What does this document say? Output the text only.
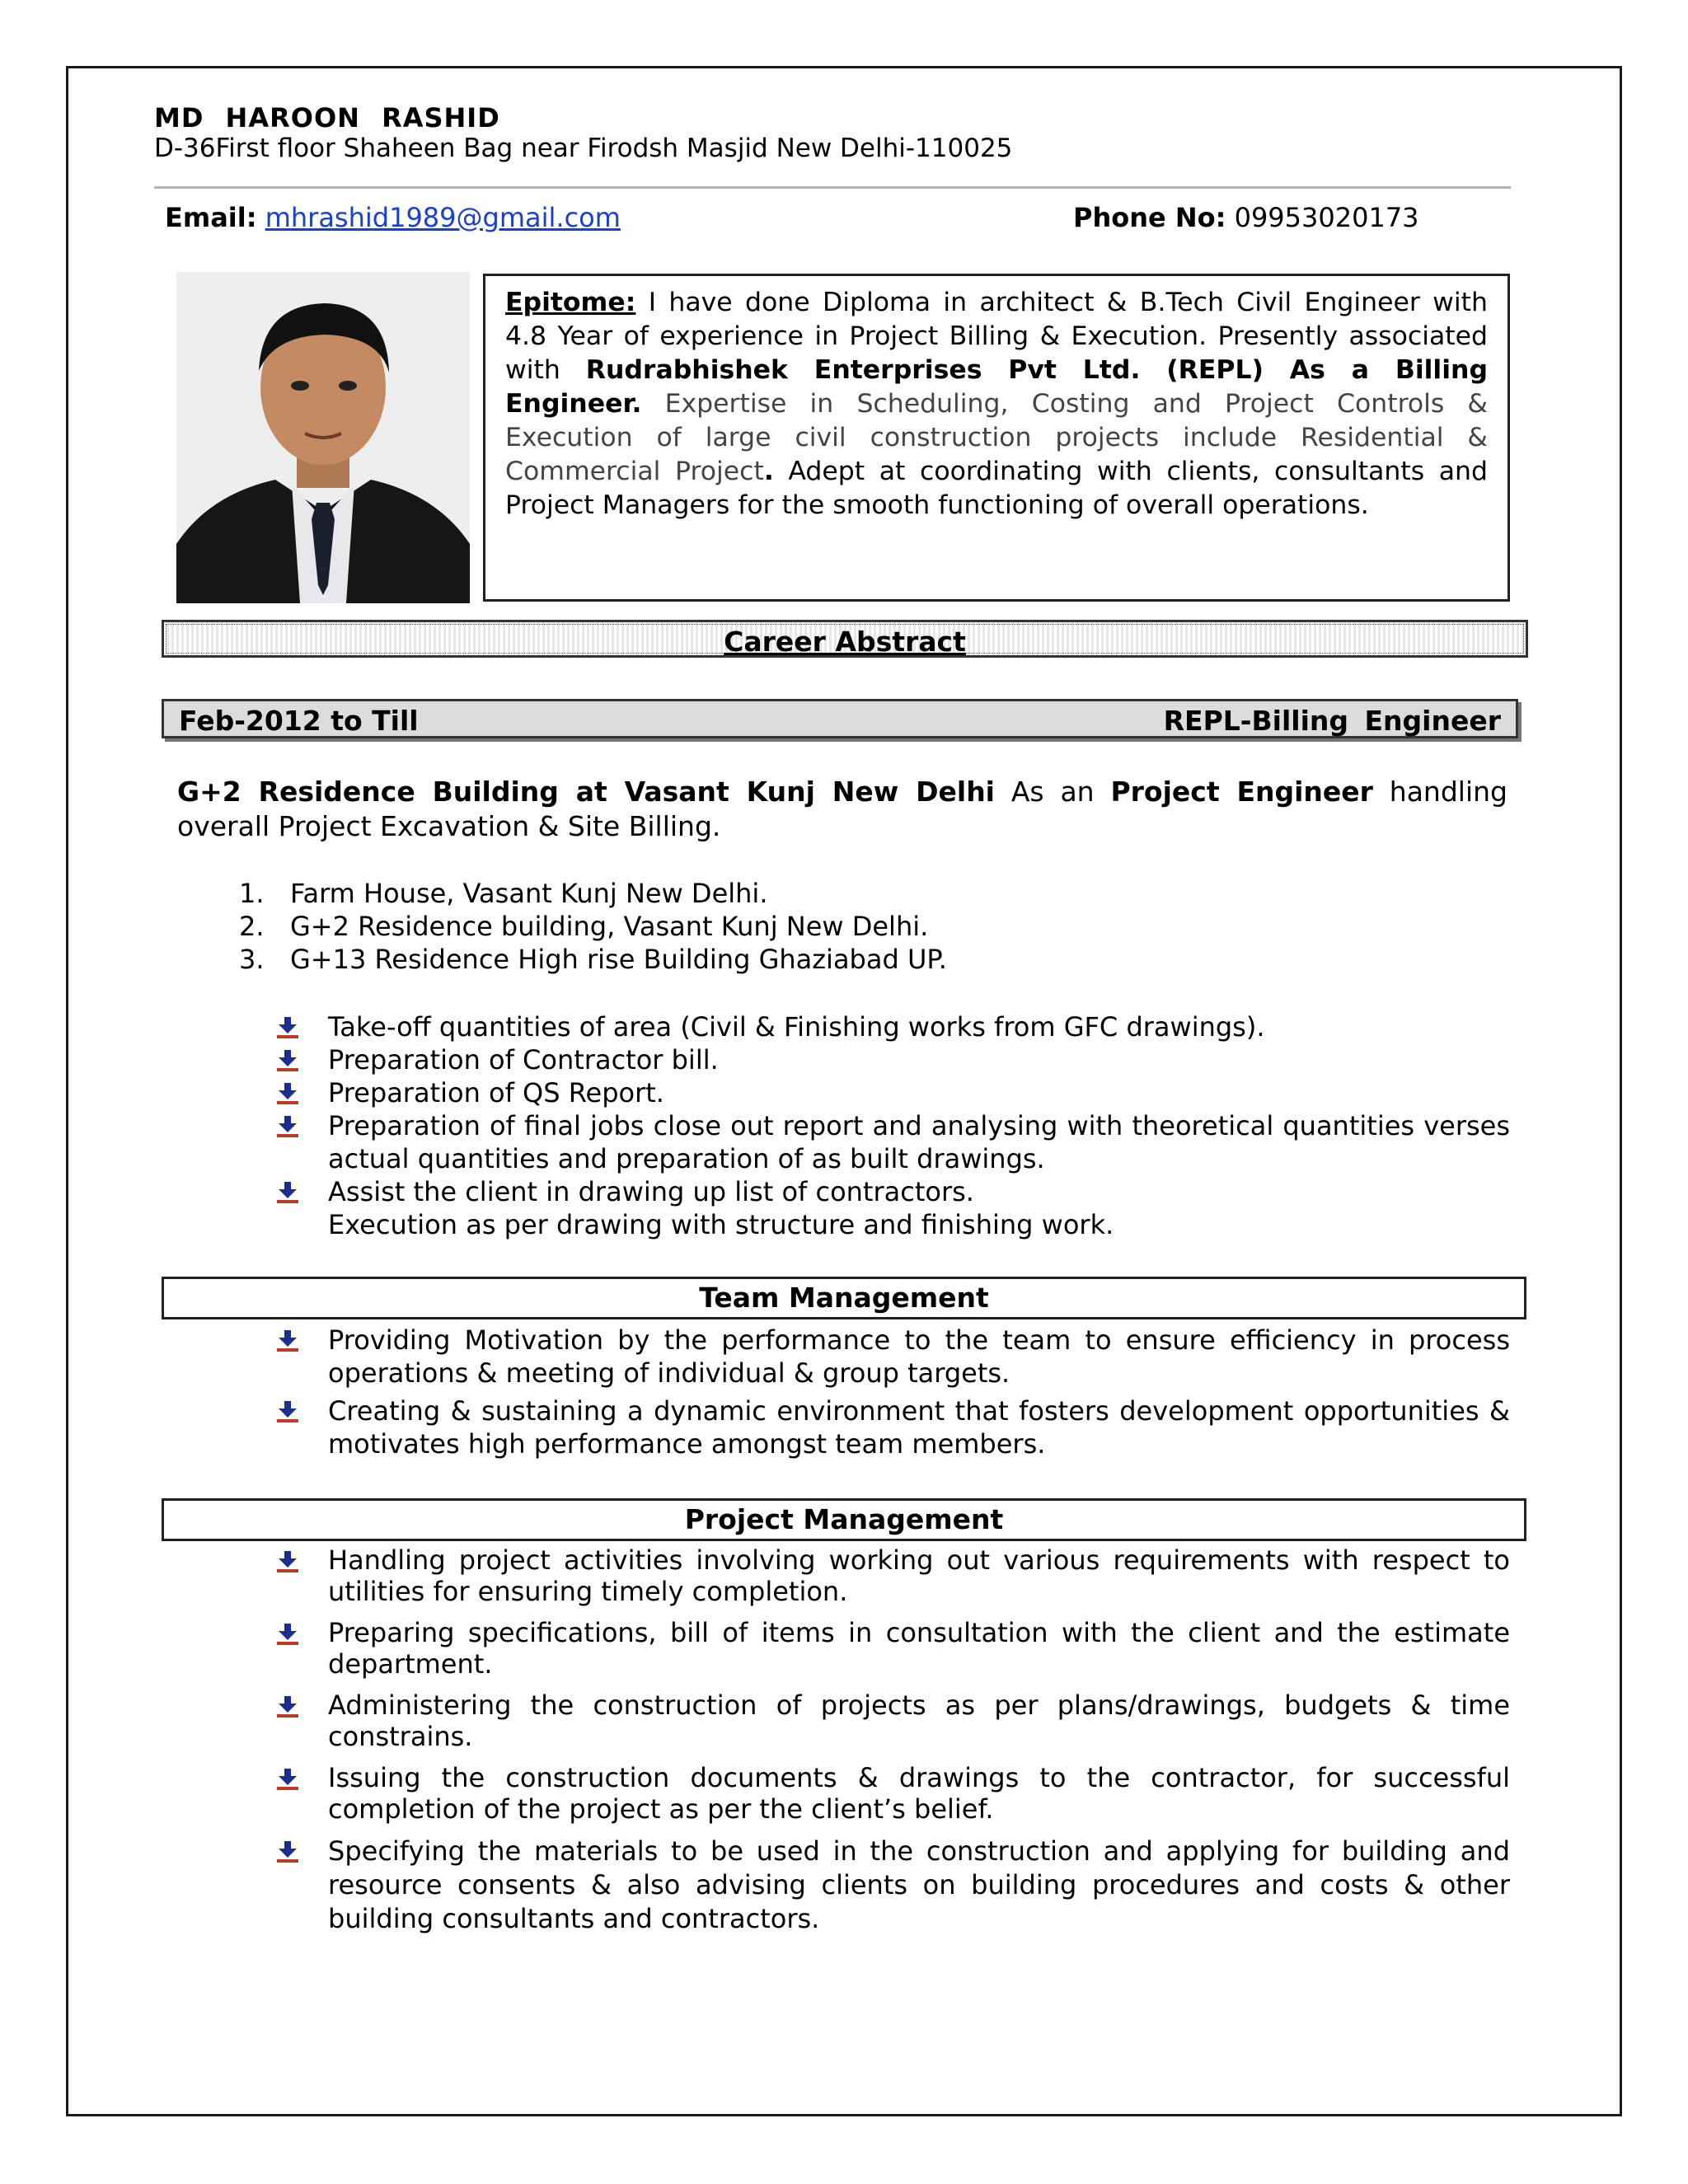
MD HAROON RASHID
D-36First floor Shaheen Bag near Firodsh Masjid New Delhi-110025
Email: mhrashid1989@gmail.com	Phone No: 09953020173
Epitome: I have done Diploma in architect & B.Tech Civil Engineer with 4.8 Year of experience in Project Billing & Execution. Presently associated with Rudrabhishek Enterprises Pvt Ltd. (REPL) As a Billing Engineer. Expertise in Scheduling, Costing and Project Controls & Execution of large civil construction projects include Residential & Commercial Project. Adept at coordinating with clients, consultants and Project Managers for the smooth functioning of overall operations.
Career Abstract
Feb-2012 to Till	REPL-Billing Engineer
G+2 Residence Building at Vasant Kunj New Delhi As an Project Engineer handling overall Project Excavation & Site Billing.
1. Farm House, Vasant Kunj New Delhi.
2. G+2 Residence building, Vasant Kunj New Delhi.
3. G+13 Residence High rise Building Ghaziabad UP.
Take-off quantities of area (Civil & Finishing works from GFC drawings).
Preparation of Contractor bill.
Preparation of QS Report.
Preparation of final jobs close out report and analysing with theoretical quantities verses actual quantities and preparation of as built drawings.
Assist the client in drawing up list of contractors.
Execution as per drawing with structure and finishing work.
Team Management
Providing Motivation by the performance to the team to ensure efficiency in process operations & meeting of individual & group targets.
Creating & sustaining a dynamic environment that fosters development opportunities & motivates high performance amongst team members.
Project Management
Handling project activities involving working out various requirements with respect to utilities for ensuring timely completion.
Preparing specifications, bill of items in consultation with the client and the estimate department.
Administering the construction of projects as per plans/drawings, budgets & time constrains.
Issuing the construction documents & drawings to the contractor, for successful completion of the project as per the client’s belief.
Specifying the materials to be used in the construction and applying for building and resource consents & also advising clients on building procedures and costs & other building consultants and contractors.
